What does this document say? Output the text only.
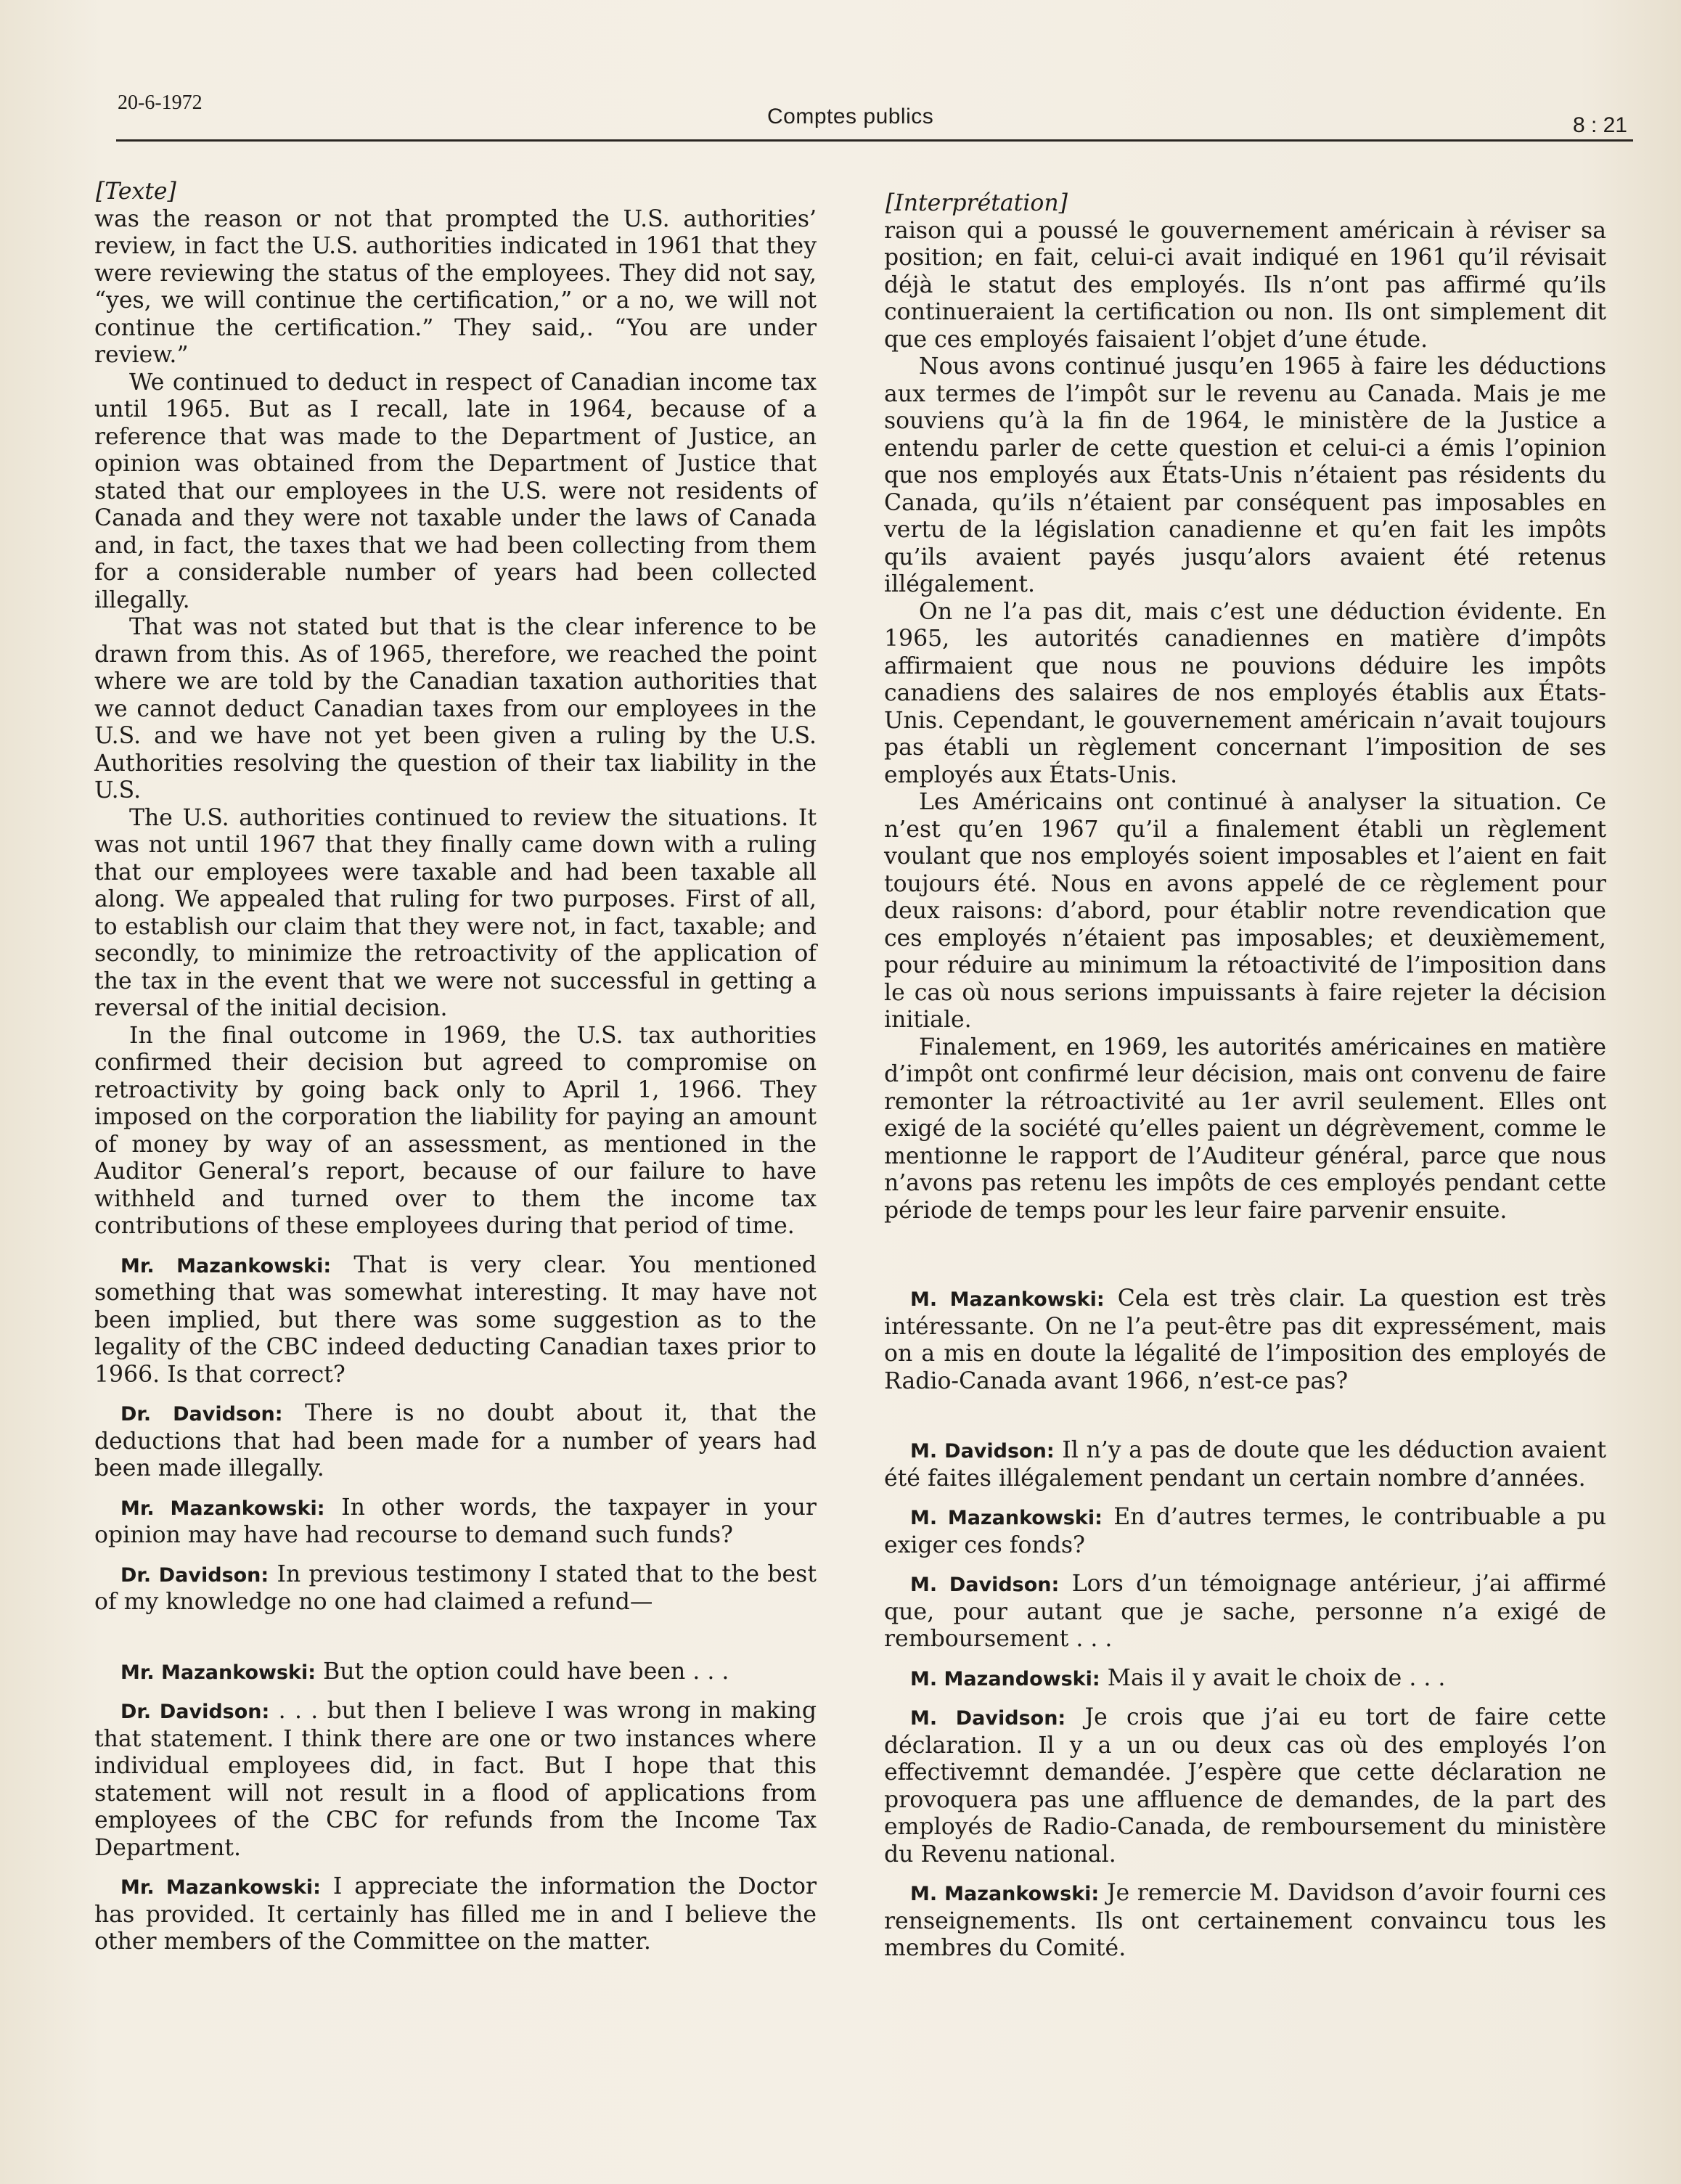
20-6-1972
Comptes publics	8 : 21
[Texte]

was the reason or not that prompted the U.S. authorities’ review, in fact the U.S. authorities indicated in 1961 that they were reviewing the status of the employees. They did not say, “yes, we will continue the certification,” or a no, we will not continue the certification.” They said,. “You are under review.”

We continued to deduct in respect of Canadian income tax until 1965. But as I recall, late in 1964, because of a reference that was made to the Department of Justice, an opinion was obtained from the Department of Justice that stated that our employees in the U.S. were not residents of Canada and they were not taxable under the laws of Canada and, in fact, the taxes that we had been collecting from them for a considerable number of years had been collected illegally.

That was not stated but that is the clear inference to be drawn from this. As of 1965, therefore, we reached the point where we are told by the Canadian taxation authorities that we cannot deduct Canadian taxes from our employees in the U.S. and we have not yet been given a ruling by the U.S. Authorities resolving the question of their tax liability in the U.S.

The U.S. authorities continued to review the situations. It was not until 1967 that they finally came down with a ruling that our employees were taxable and had been taxable all along. We appealed that ruling for two purposes. First of all, to establish our claim that they were not, in fact, taxable; and secondly, to minimize the retroactivity of the application of the tax in the event that we were not successful in getting a reversal of the initial decision.

In the final outcome in 1969, the U.S. tax authorities confirmed their decision but agreed to compromise on retroactivity by going back only to April 1, 1966. They imposed on the corporation the liability for paying an amount of money by way of an assessment, as mentioned in the Auditor General’s report, because of our failure to have withheld and turned over to them the income tax contributions of these employees during that period of time.

Mr. Mazankowski: That is very clear. You mentioned something that was somewhat interesting. It may have not been implied, but there was some suggestion as to the legality of the CBC indeed deducting Canadian taxes prior to 1966. Is that correct?

Dr. Davidson: There is no doubt about it, that the deductions that had been made for a number of years had been made illegally.

Mr. Mazankowski: In other words, the taxpayer in your opinion may have had recourse to demand such funds?

Dr. Davidson: In previous testimony I stated that to the best of my knowledge no one had claimed a refund—

Mr. Mazankowski: But the option could have been . . .

Dr. Davidson: . . . but then I believe I was wrong in making that statement. I think there are one or two instances where individual employees did, in fact. But I hope that this statement will not result in a flood of applications from employees of the CBC for refunds from the Income Tax Department.

Mr. Mazankowski: I appreciate the information the Doctor has provided. It certainly has filled me in and I believe the other members of the Committee on the matter.

[Interprétation]

raison qui a poussé le gouvernement américain à réviser sa position; en fait, celui-ci avait indiqué en 1961 qu’il révisait déjà le statut des employés. Ils n’ont pas affirmé qu’ils continueraient la certification ou non. Ils ont simplement dit que ces employés faisaient l’objet d’une étude.

Nous avons continué jusqu’en 1965 à faire les déductions aux termes de l’impôt sur le revenu au Canada. Mais je me souviens qu’à la fin de 1964, le ministère de la Justice a entendu parler de cette question et celui-ci a émis l’opinion que nos employés aux États-Unis n’étaient pas résidents du Canada, qu’ils n’étaient par conséquent pas imposables en vertu de la législation canadienne et qu’en fait les impôts qu’ils avaient payés jusqu’alors avaient été retenus illégalement.

On ne l’a pas dit, mais c’est une déduction évidente. En 1965, les autorités canadiennes en matière d’impôts affirmaient que nous ne pouvions déduire les impôts canadiens des salaires de nos employés établis aux États-Unis. Cependant, le gouvernement américain n’avait toujours pas établi un règlement concernant l’imposition de ses employés aux États-Unis.

Les Américains ont continué à analyser la situation. Ce n’est qu’en 1967 qu’il a finalement établi un règlement voulant que nos employés soient imposables et l’aient en fait toujours été. Nous en avons appelé de ce règlement pour deux raisons: d’abord, pour établir notre revendication que ces employés n’étaient pas imposables; et deuxièmement, pour réduire au minimum la rétoactivité de l’imposition dans le cas où nous serions impuissants à faire rejeter la décision initiale.

Finalement, en 1969, les autorités américaines en matière d’impôt ont confirmé leur décision, mais ont convenu de faire remonter la rétroactivité au 1er avril seulement. Elles ont exigé de la société qu’elles paient un dégrèvement, comme le mentionne le rapport de l’Auditeur général, parce que nous n’avons pas retenu les impôts de ces employés pendant cette période de temps pour les leur faire parvenir ensuite.

M. Mazankowski: Cela est très clair. La question est très intéressante. On ne l’a peut-être pas dit expressément, mais on a mis en doute la légalité de l’imposition des employés de Radio-Canada avant 1966, n’est-ce pas?

M. Davidson: Il n’y a pas de doute que les déduction avaient été faites illégalement pendant un certain nombre d’années.

M. Mazankowski: En d’autres termes, le contribuable a pu exiger ces fonds?

M. Davidson: Lors d’un témoignage antérieur, j’ai affirmé que, pour autant que je sache, personne n’a exigé de remboursement . . .

M. Mazandowski: Mais il y avait le choix de . . .

M. Davidson: Je crois que j’ai eu tort de faire cette déclaration. Il y a un ou deux cas où des employés l’on effectivemnt demandée. J’espère que cette déclaration ne provoquera pas une affluence de demandes, de la part des employés de Radio-Canada, de remboursement du ministère du Revenu national.

M. Mazankowski: Je remercie M. Davidson d’avoir fourni ces renseignements. Ils ont certainement convaincu tous les membres du Comité.
